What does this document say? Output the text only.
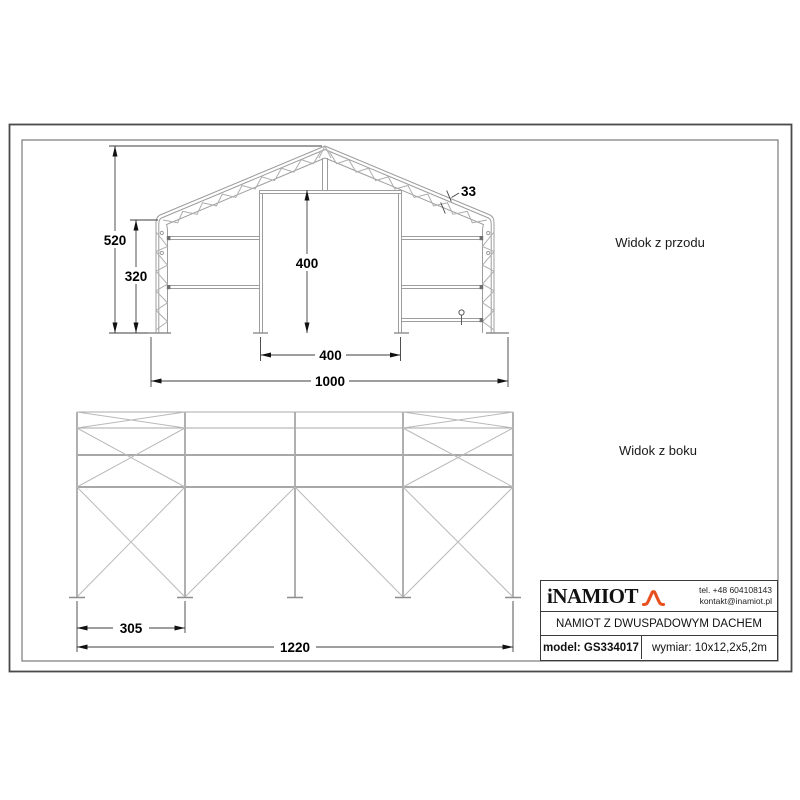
520
320
400
400
1000
33
Widok z przodu
305
1220
Widok z boku
iNAMIOT	tel. +48 604108143
kontakt@inamiot.pl
NAMIOT Z DWUSPADOWYM DACHEM
model: GS334017	wymiar: 10x12,2x5,2m
